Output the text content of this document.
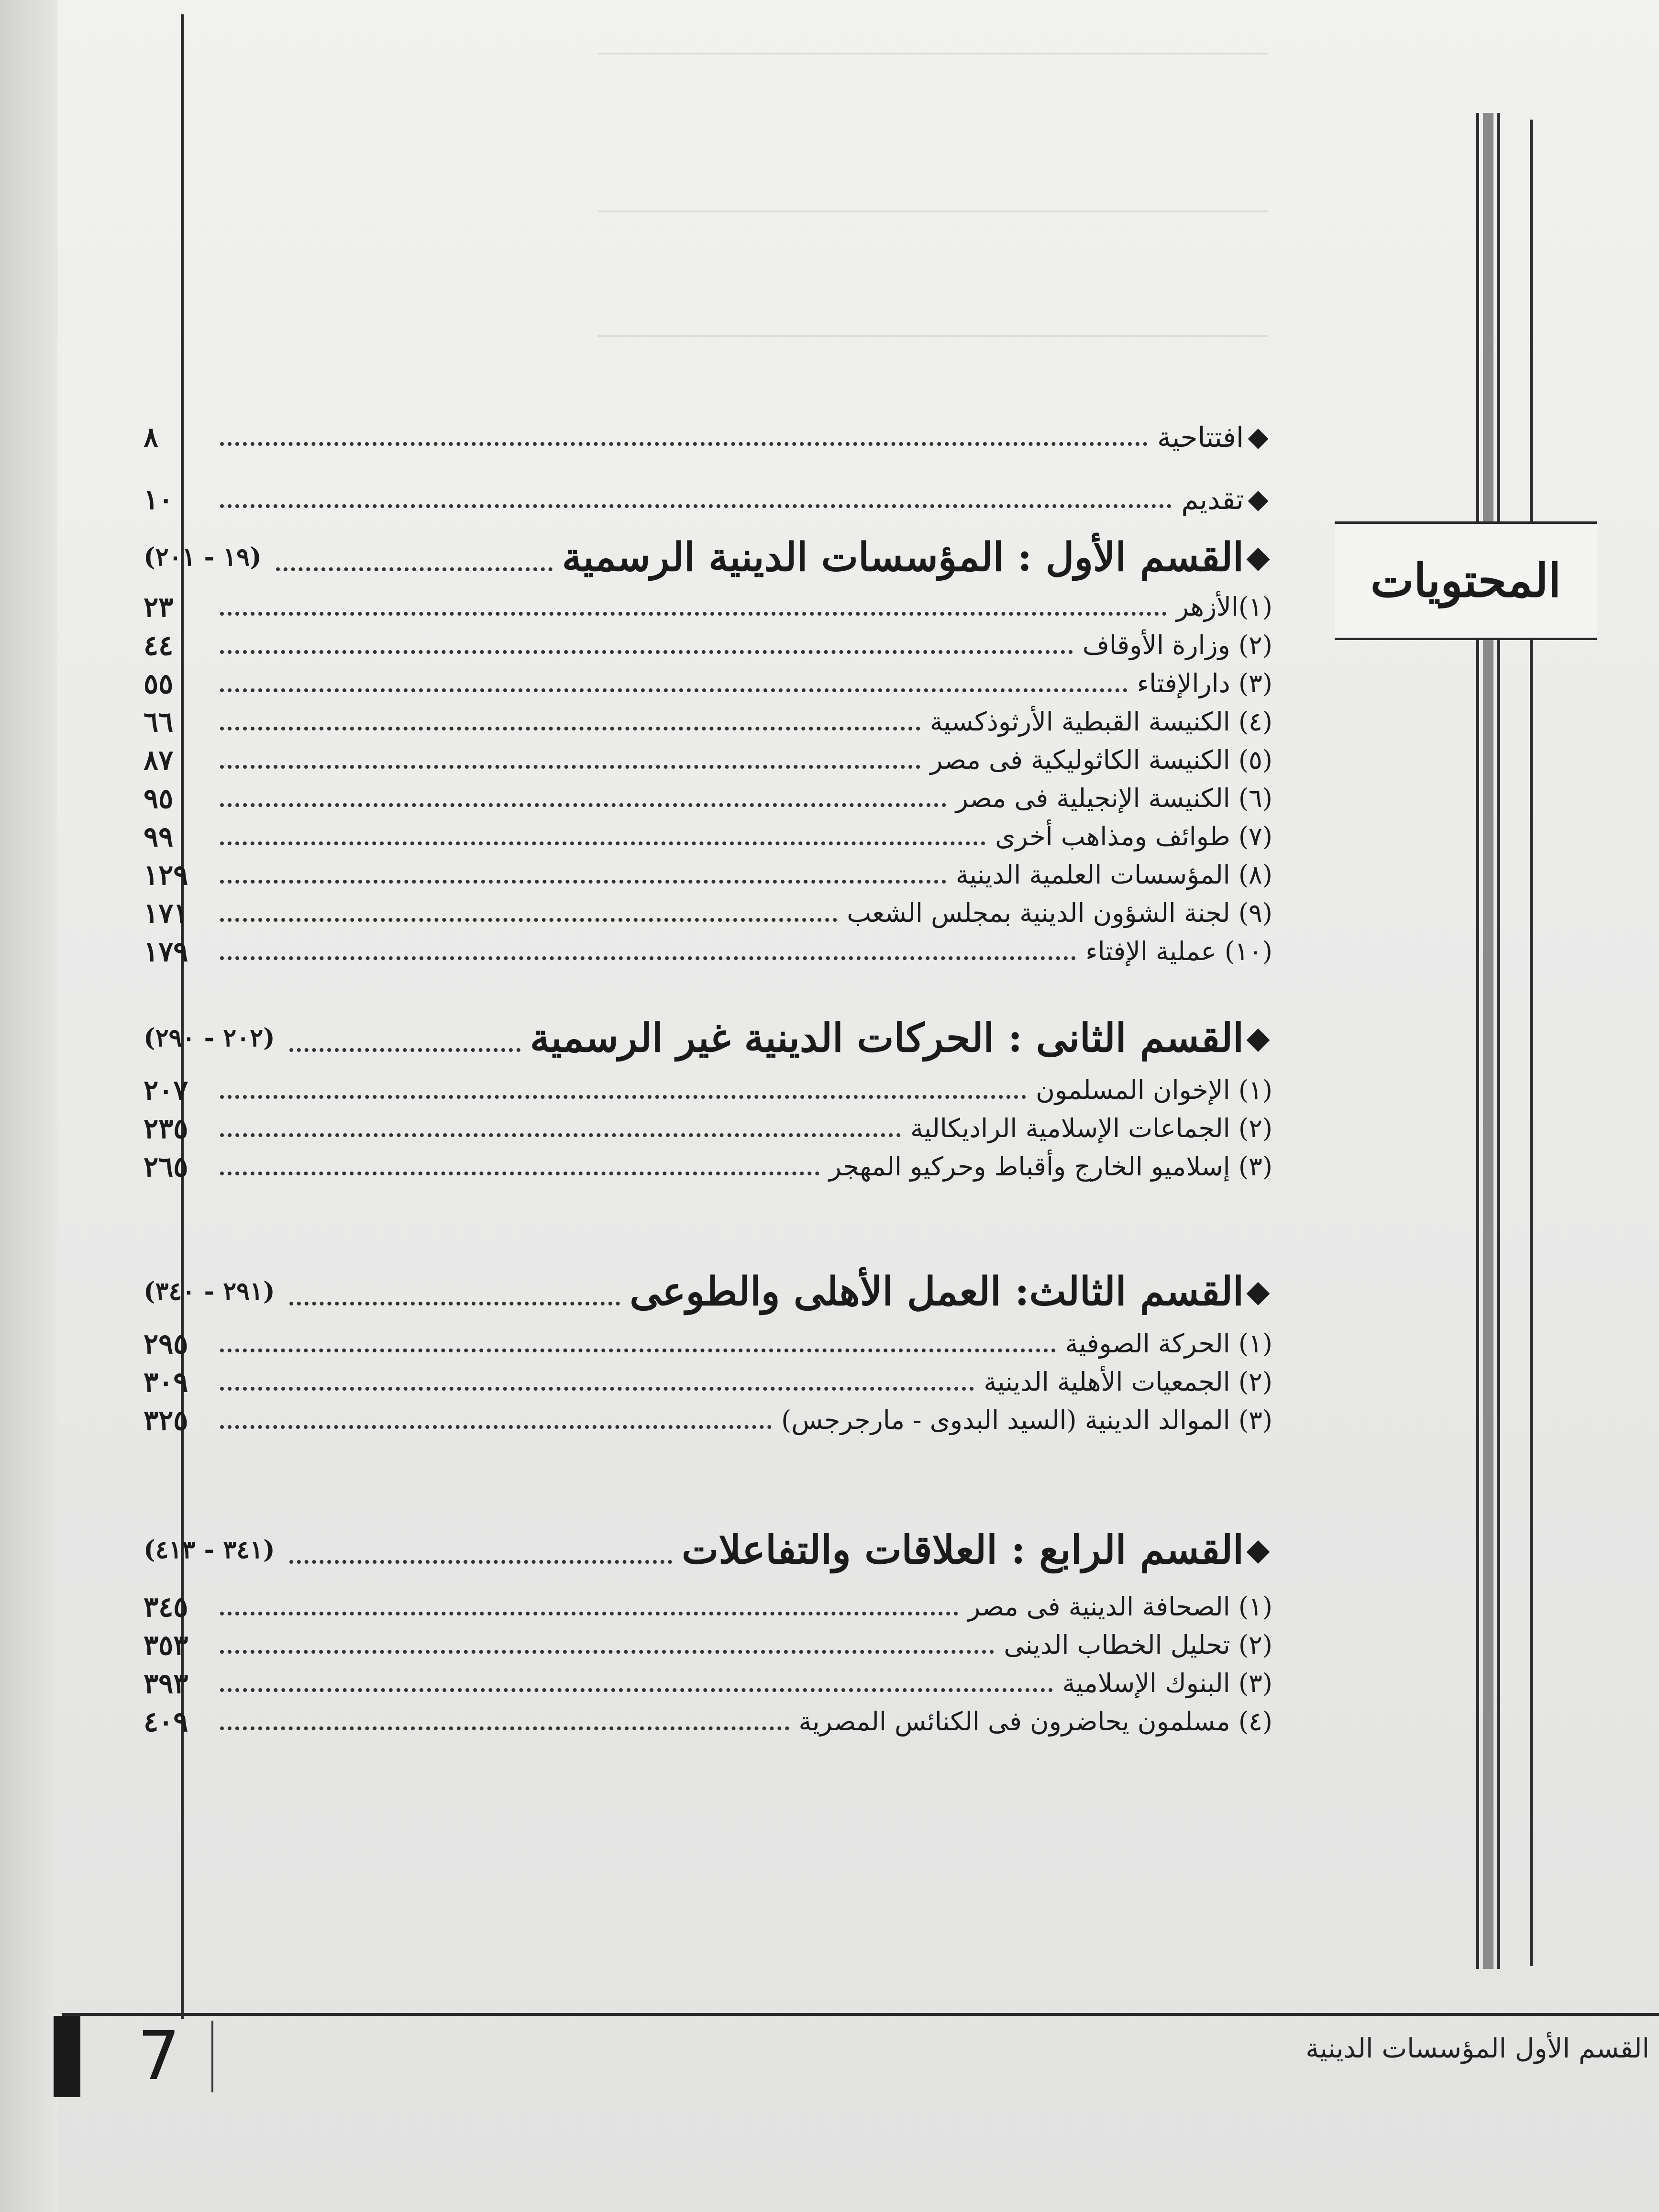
المحتويات
◆
افتتاحية
٨
◆
تقديم
١٠
◆
القسم الأول : المؤسسات الدينية الرسمية
(١٩ - ٢٠١)
(١)الأزهر
٢٣
(٢) وزارة الأوقاف
٤٤
(٣) دارالإفتاء
٥٥
(٤) الكنيسة القبطية الأرثوذكسية
٦٦
(٥) الكنيسة الكاثوليكية فى مصر
٨٧
(٦) الكنيسة الإنجيلية فى مصر
٩٥
(٧) طوائف ومذاهب أخرى
٩٩
(٨) المؤسسات العلمية الدينية
١٢٩
(٩) لجنة الشؤون الدينية بمجلس الشعب
١٧١
(١٠) عملية الإفتاء
١٧٩
◆
القسم الثانى : الحركات الدينية غير الرسمية
(٢٠٢ - ٢٩٠)
(١) الإخوان المسلمون
٢٠٧
(٢) الجماعات الإسلامية الراديكالية
٢٣٥
(٣) إسلاميو الخارج وأقباط وحركيو المهجر
٢٦٥
◆
القسم الثالث: العمل الأهلى والطوعى
(٢٩١ - ٣٤٠)
(١) الحركة الصوفية
٢٩٥
(٢) الجمعيات الأهلية الدينية
٣٠٩
(٣) الموالد الدينية (السيد البدوى - مارجرجس)
٣٢٥
◆
القسم الرابع : العلاقات والتفاعلات
(٣٤١ - ٤١٣)
(١) الصحافة الدينية فى مصر
٣٤٥
(٢) تحليل الخطاب الدينى
٣٥٣
(٣) البنوك الإسلامية
٣٩٣
(٤) مسلمون يحاضرون فى الكنائس المصرية
٤٠٩
7	القسم الأول المؤسسات الدينية
